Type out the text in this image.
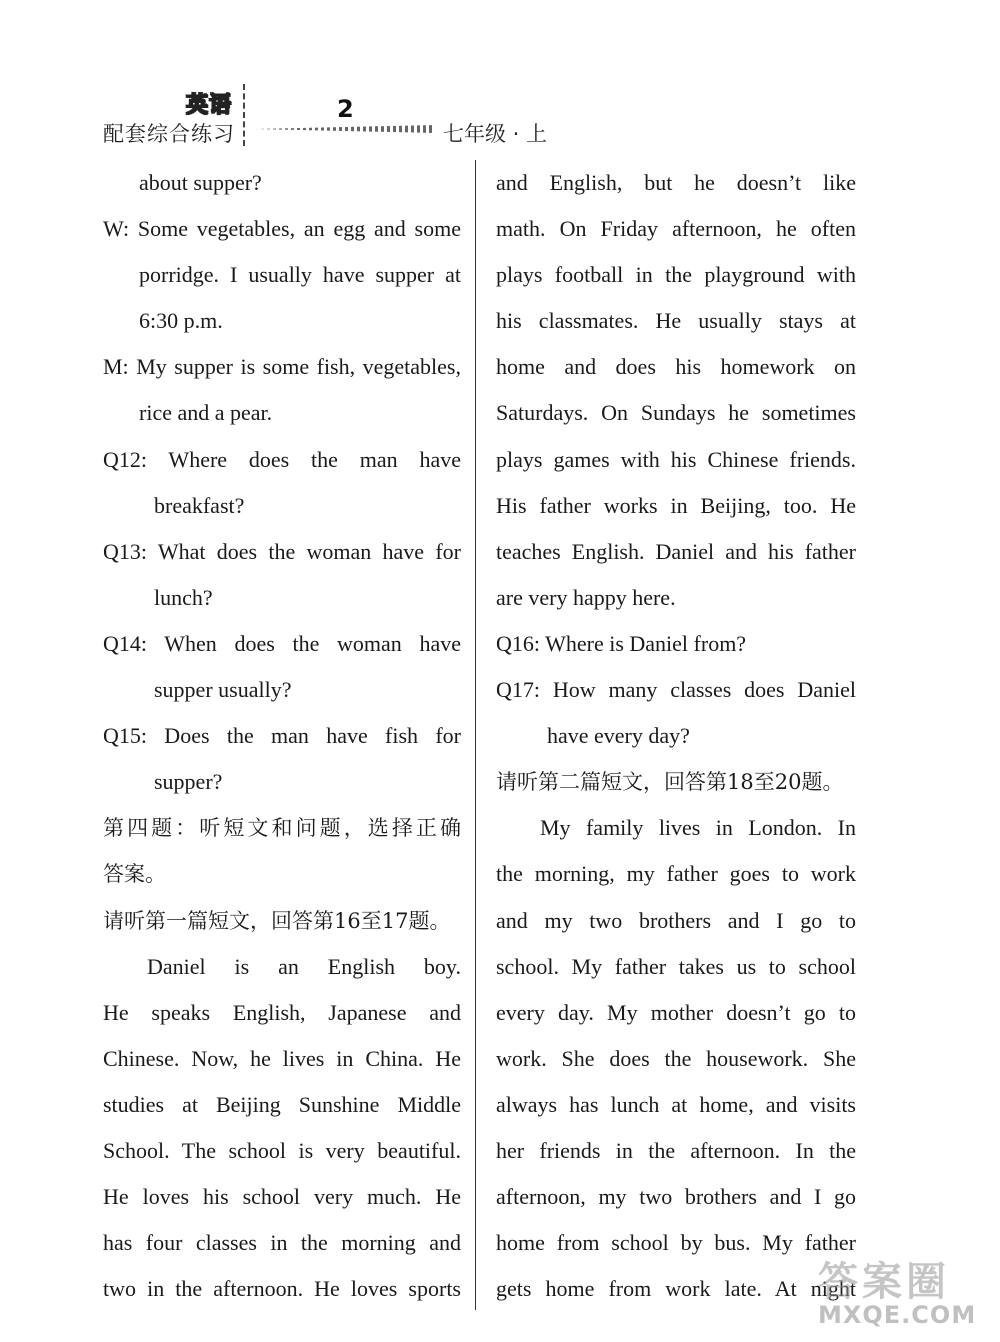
英语
配套综合练习
2
七年级 · 上
about supper?
W: Some vegetables, an egg and some
porridge. I usually have supper at
6:30 p.m.
M: My supper is some fish, vegetables,
rice and a pear.
Q12: Where does the man have
breakfast?
Q13: What does the woman have for
lunch?
Q14: When does the woman have
supper usually?
Q15: Does the man have fish for
supper?
第四题：听短文和问题，选择正确
答案。
请听第一篇短文，回答第16至17题。
Daniel is an English boy.
He speaks English, Japanese and
Chinese. Now, he lives in China. He
studies at Beijing Sunshine Middle
School. The school is very beautiful.
He loves his school very much. He
has four classes in the morning and
two in the afternoon. He loves sports
and English, but he doesn’t like
math. On Friday afternoon, he often
plays football in the playground with
his classmates. He usually stays at
home and does his homework on
Saturdays. On Sundays he sometimes
plays games with his Chinese friends.
His father works in Beijing, too. He
teaches English. Daniel and his father
are very happy here.
Q16: Where is Daniel from?
Q17: How many classes does Daniel
have every day?
请听第二篇短文，回答第18至20题。
My family lives in London. In
the morning, my father goes to work
and my two brothers and I go to
school. My father takes us to school
every day. My mother doesn’t go to
work. She does the housework. She
always has lunch at home, and visits
her friends in the afternoon. In the
afternoon, my two brothers and I go
home from school by bus. My father
gets home from work late. At night
答案圈
MXQE.COM
